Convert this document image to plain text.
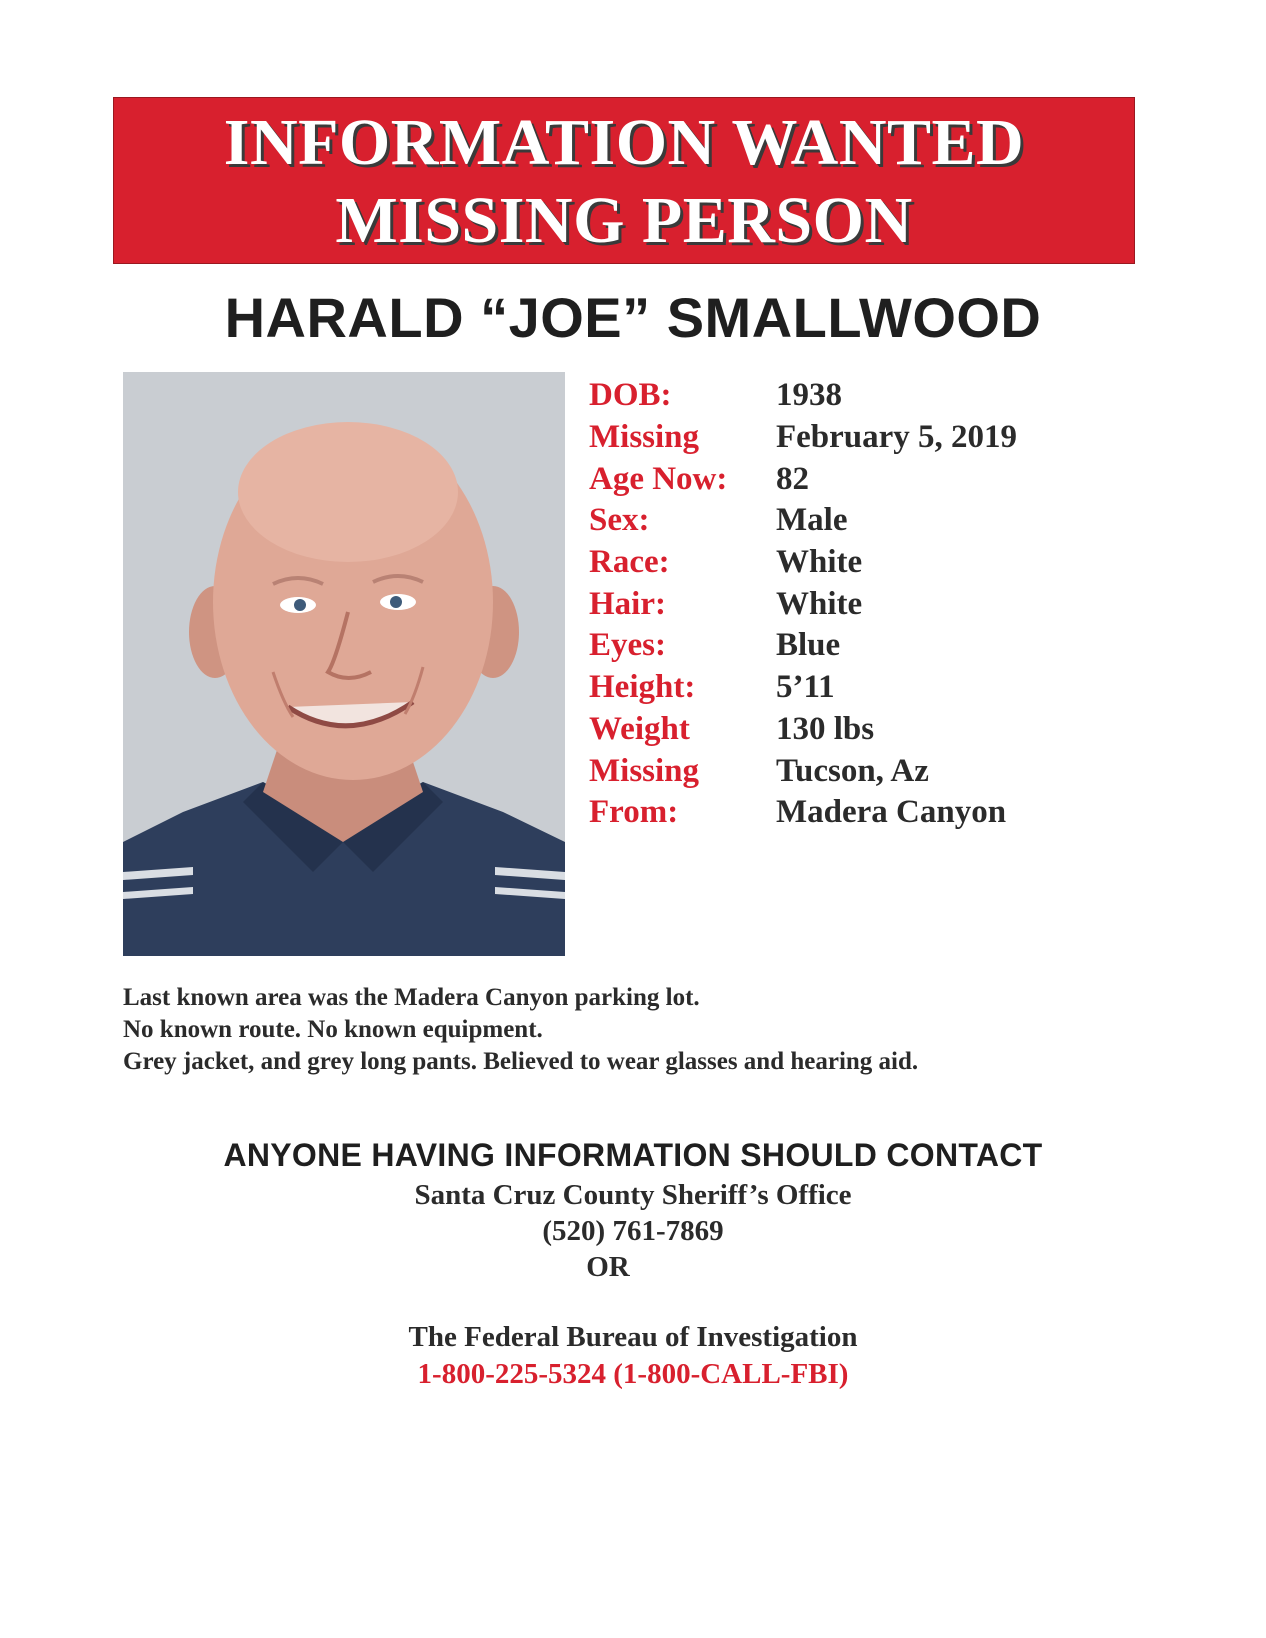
INFORMATION WANTED
MISSING PERSON
HARALD “JOE” SMALLWOOD
DOB:	1938
Missing	February 5, 2019
Age Now:	82
Sex:	Male
Race:	White
Hair:	White
Eyes:	Blue
Height:	5’11
Weight	130 lbs
Missing	Tucson, Az
From:	Madera Canyon
Last known area was the Madera Canyon parking lot.
No known route. No known equipment.
Grey jacket, and grey long pants. Believed to wear glasses and hearing aid.
ANYONE HAVING INFORMATION SHOULD CONTACT
Santa Cruz County Sheriff’s Office
(520) 761-7869
OR
The Federal Bureau of Investigation
1-800-225-5324 (1-800-CALL-FBI)
